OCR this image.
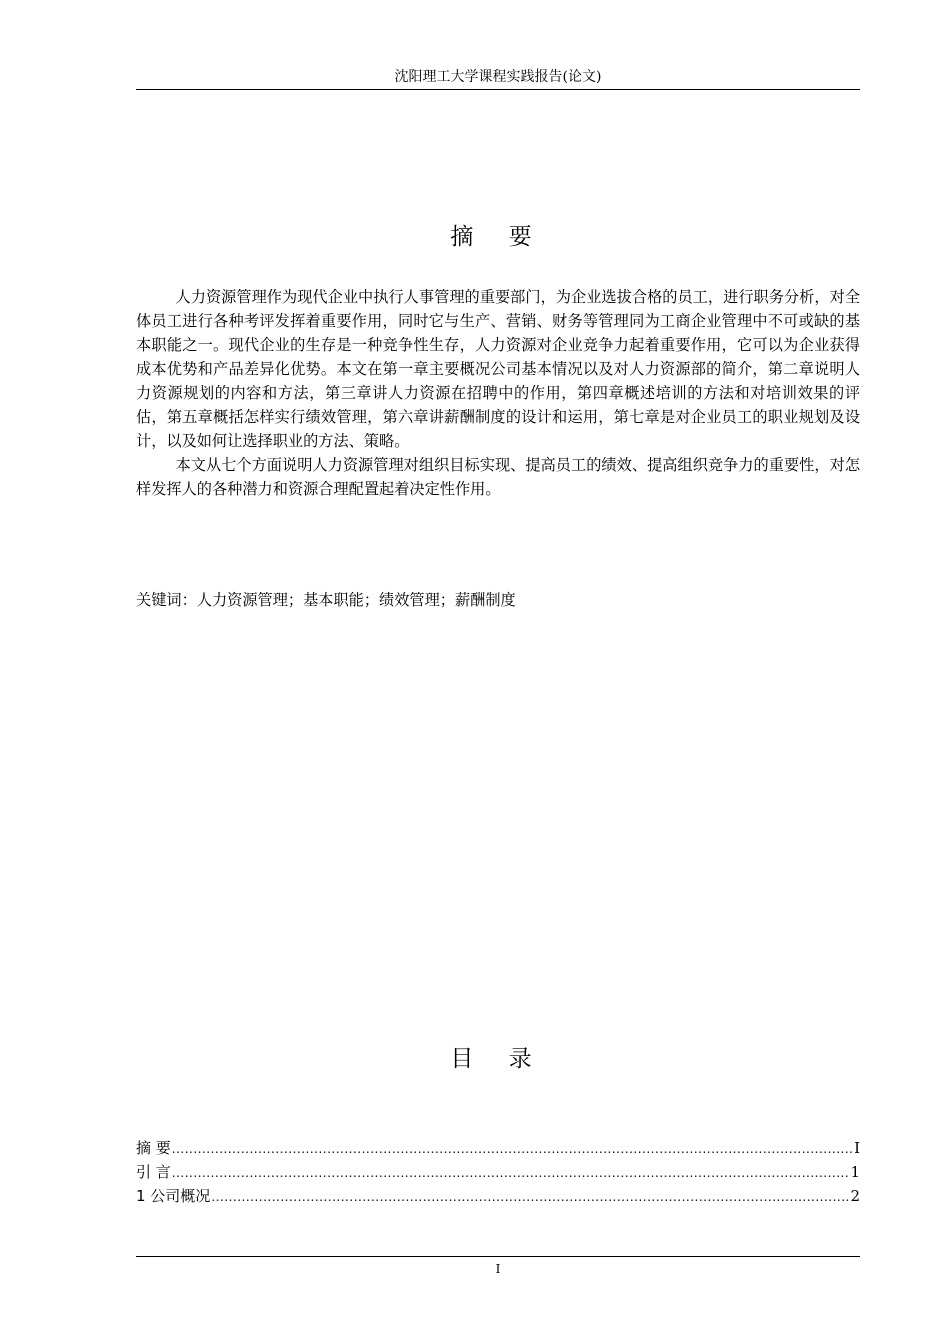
沈阳理工大学课程实践报告(论文)
摘 要

人力资源管理作为现代企业中执行人事管理的重要部门，为企业选拔合格的员工，进行职务分析，对全体员工进行各种考评发挥着重要作用，同时它与生产、营销、财务等管理同为工商企业管理中不可或缺的基本职能之一。现代企业的生存是一种竞争性生存，人力资源对企业竞争力起着重要作用，它可以为企业获得成本优势和产品差异化优势。本文在第一章主要概况公司基本情况以及对人力资源部的简介，第二章说明人力资源规划的内容和方法，第三章讲人力资源在招聘中的作用，第四章概述培训的方法和对培训效果的评估，第五章概括怎样实行绩效管理，第六章讲薪酬制度的设计和运用，第七章是对企业员工的职业规划及设计，以及如何让选择职业的方法、策略。

本文从七个方面说明人力资源管理对组织目标实现、提高员工的绩效、提高组织竞争力的重要性，对怎样发挥人的各种潜力和资源合理配置起着决定性作用。

关键词：人力资源管理；基本职能；绩效管理；薪酬制度
目 录
摘 要 .....	I
引 言 .....	1
1 公司概况 .....	2
I
